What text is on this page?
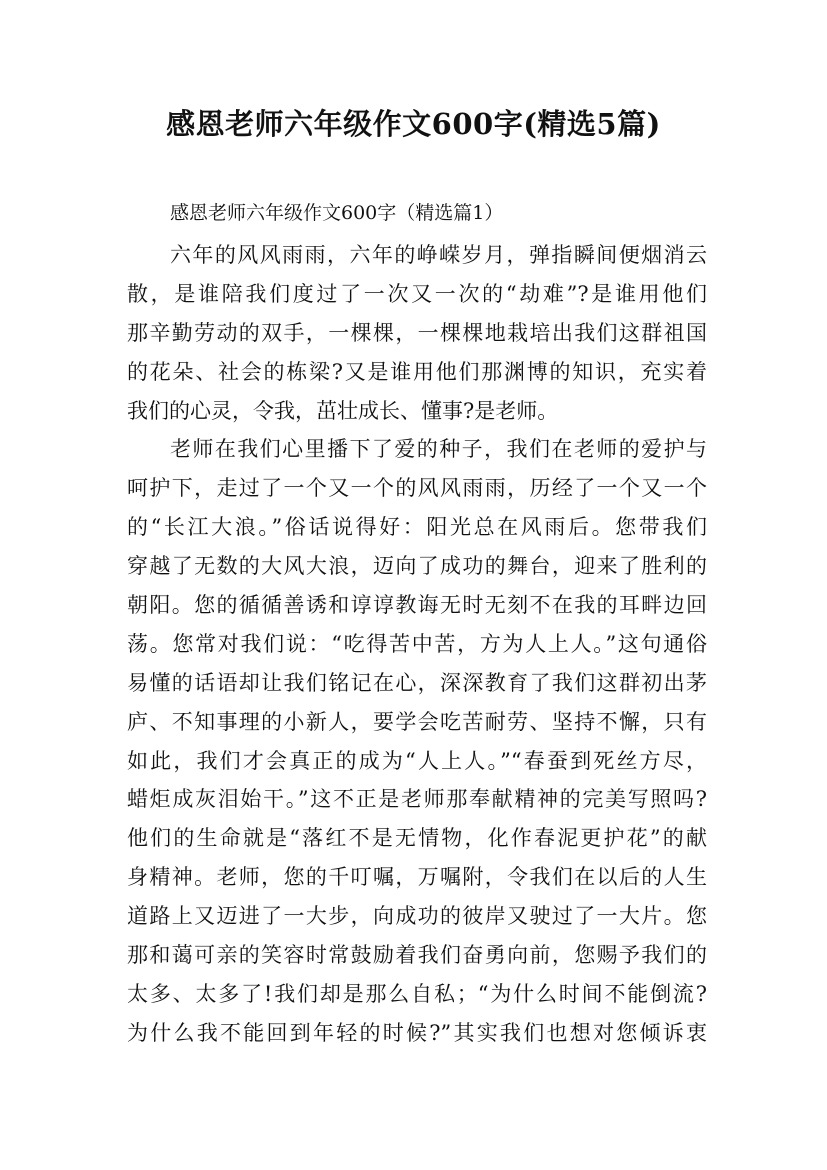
感恩老师六年级作文600字(精选5篇)
感恩老师六年级作文600字（精选篇1）
六年的风风雨雨，六年的峥嵘岁月，弹指瞬间便烟消云
散，是谁陪我们度过了一次又一次的“劫难”?是谁用他们
那辛勤劳动的双手，一棵棵，一棵棵地栽培出我们这群祖国
的花朵、社会的栋梁?又是谁用他们那渊博的知识，充实着
我们的心灵，令我，茁壮成长、懂事?是老师。
老师在我们心里播下了爱的种子，我们在老师的爱护与
呵护下，走过了一个又一个的风风雨雨，历经了一个又一个
的“长江大浪。”俗话说得好：阳光总在风雨后。您带我们
穿越了无数的大风大浪，迈向了成功的舞台，迎来了胜利的
朝阳。您的循循善诱和谆谆教诲无时无刻不在我的耳畔边回
荡。您常对我们说：“吃得苦中苦，方为人上人。”这句通俗
易懂的话语却让我们铭记在心，深深教育了我们这群初出茅
庐、不知事理的小新人，要学会吃苦耐劳、坚持不懈，只有
如此，我们才会真正的成为“人上人。”“春蚕到死丝方尽，
蜡炬成灰泪始干。”这不正是老师那奉献精神的完美写照吗?
他们的生命就是“落红不是无情物，化作春泥更护花”的献
身精神。老师，您的千叮嘱，万嘱附，令我们在以后的人生
道路上又迈进了一大步，向成功的彼岸又驶过了一大片。您
那和蔼可亲的笑容时常鼓励着我们奋勇向前，您赐予我们的
太多、太多了!我们却是那么自私；“为什么时间不能倒流?
为什么我不能回到年轻的时候?”其实我们也想对您倾诉衷
